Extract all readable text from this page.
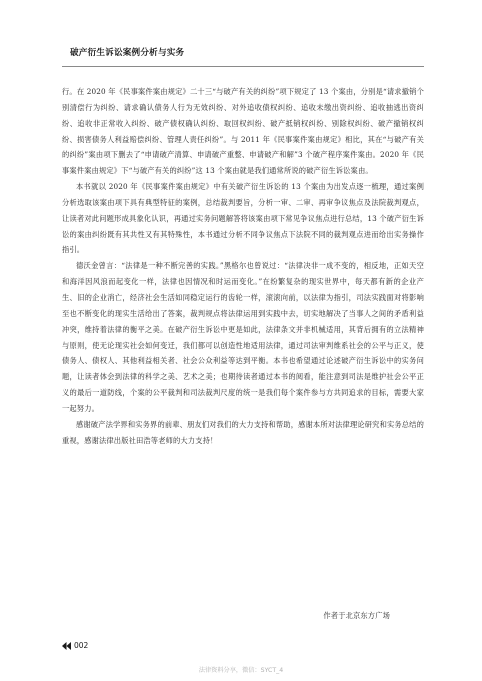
破产衍生诉讼案例分析与实务

行。在 2020 年《民事案件案由规定》二十三“与破产有关的纠纷”项下规定了 13 个案由，分别是“请求撤销个别清偿行为纠纷、请求确认债务人行为无效纠纷、对外追收债权纠纷、追收未缴出资纠纷、追收抽逃出资纠纷、追收非正常收入纠纷、破产债权确认纠纷、取回权纠纷、破产抵销权纠纷、别除权纠纷、破产撤销权纠纷、损害债务人利益赔偿纠纷、管理人责任纠纷”。与 2011 年《民事案件案由规定》相比，其在“与破产有关的纠纷”案由项下删去了“申请破产清算、申请破产重整、申请破产和解”3 个破产程序案件案由。2020 年《民事案件案由规定》下“与破产有关的纠纷”这 13 个案由就是我们通常所说的破产衍生诉讼案由。

本书就以 2020 年《民事案件案由规定》中有关破产衍生诉讼的 13 个案由为出发点逐一梳理，通过案例分析选取该案由项下具有典型特征的案例，总结裁判要旨，分析一审、二审、再审争议焦点及法院裁判观点，让读者对此问题形成具象化认识，再通过实务问题解答将该案由项下常见争议焦点进行总结，13 个破产衍生诉讼的案由纠纷既有其共性又有其特殊性，本书通过分析不同争议焦点下法院不同的裁判观点进而给出实务操作指引。

德沃金曾言：“法律是一种不断完善的实践。”黑格尔也曾说过：“法律决非一成不变的，相反地，正如天空和海洋因风浪而起变化一样，法律也因情况和时运而变化。”在纷繁复杂的现实世界中，每天都有新的企业产生、旧的企业消亡，经济社会生活如同稳定运行的齿轮一样，滚滚向前，以法律为指引，司法实践面对将影响至也不断变化的现实生活给出了答案，裁判规点将法律运用到实践中去，切实地解决了当事人之间的矛盾利益冲突，维持着法律的衡平之美。在破产衍生诉讼中更是如此，法律条文并非机械适用，其背后拥有的立法精神与原则，使无论现实社会如何变迁，我们都可以创造性地适用法律，通过司法审判维系社会的公平与正义，使债务人、债权人、其他利益相关者、社会公众利益等达到平衡。本书也希望通过论述破产衍生诉讼中的实务问题，让读者体会到法律的科学之美、艺术之美；也期待读者通过本书的阅看，能注意到司法是维护社会公平正义的最后一道防线，个案的公平裁判和司法裁判尺度的统一是我们每个案件参与方共同追求的目标，需要大家一起努力。

感谢破产法学界和实务界的前辈、朋友们对我们的大力支持和帮助，感谢本所对法律理论研究和实务总结的重视，感谢法律出版社田浩等老师的大力支持！

作者于北京东方广场
002
法律资料分享，微信：SYCT_4
